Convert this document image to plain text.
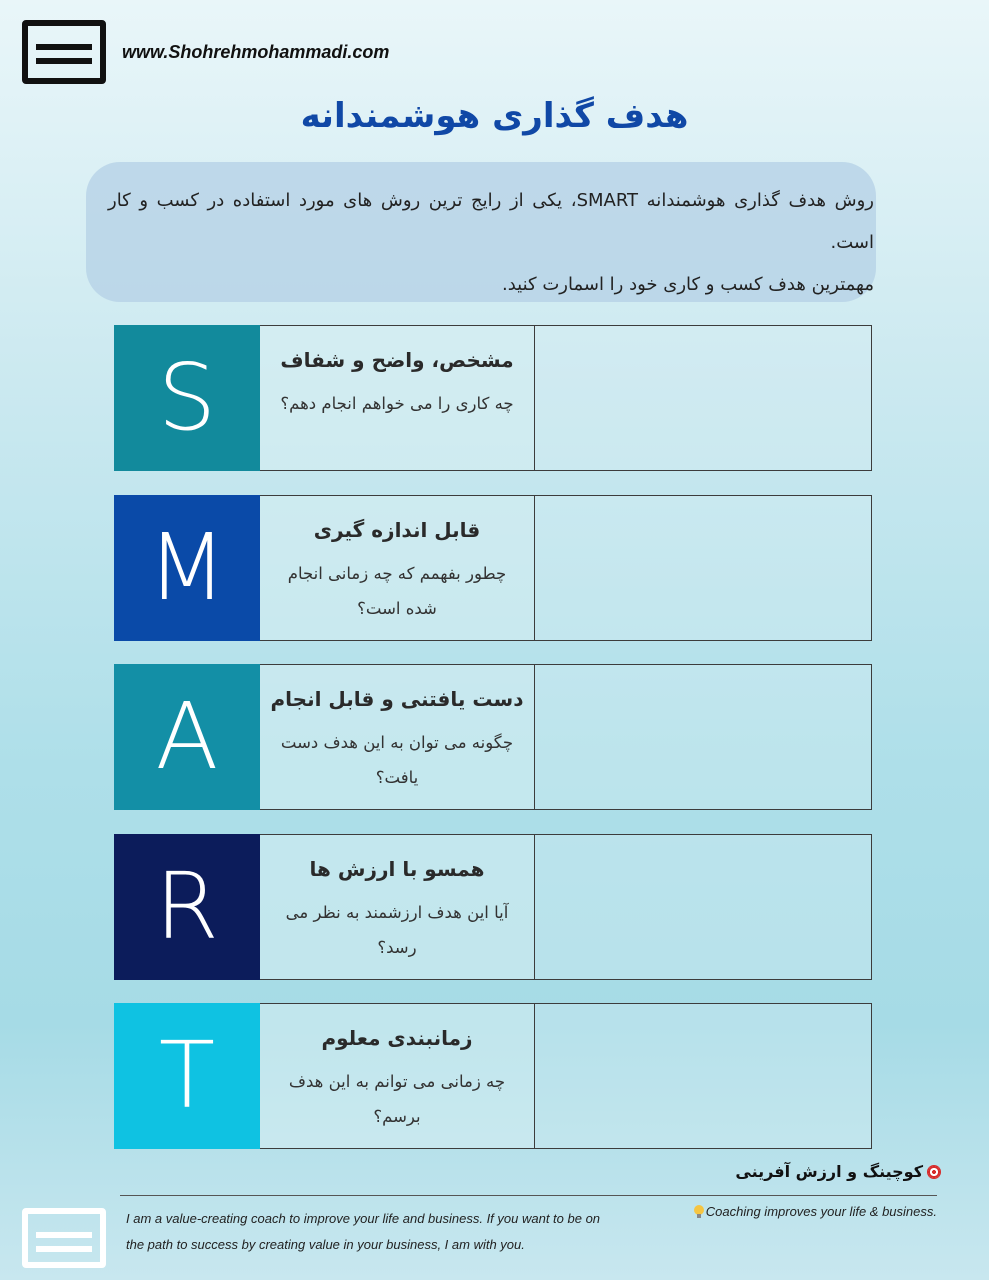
www.Shohrehmohammadi.com
هدف گذاری هوشمندانه

روش هدف گذاری هوشمندانه SMART، یکی از رایج ترین روش های مورد استفاده در کسب و کار است.

مهمترین هدف کسب و کاری خود را اسمارت کنید.

S	مشخص، واضح و شفاف
چه کاری را می خواهم انجام دهم؟
M	قابل اندازه گیری
چطور بفهمم که چه زمانی انجام شده است؟
A	دست یافتنی و قابل انجام
چگونه می توان به این هدف دست یافت؟
R	همسو با ارزش ها
آیا این هدف ارزشمند به نظر می رسد؟
T	زمانبندی معلوم
چه زمانی می توانم به این هدف برسم؟
کوچینگ و ارزش آفرینی

I am a value-creating coach to improve your life and business. If you want to be on

the path to success by creating value in your business, I am with you.

Coaching improves your life & business.
